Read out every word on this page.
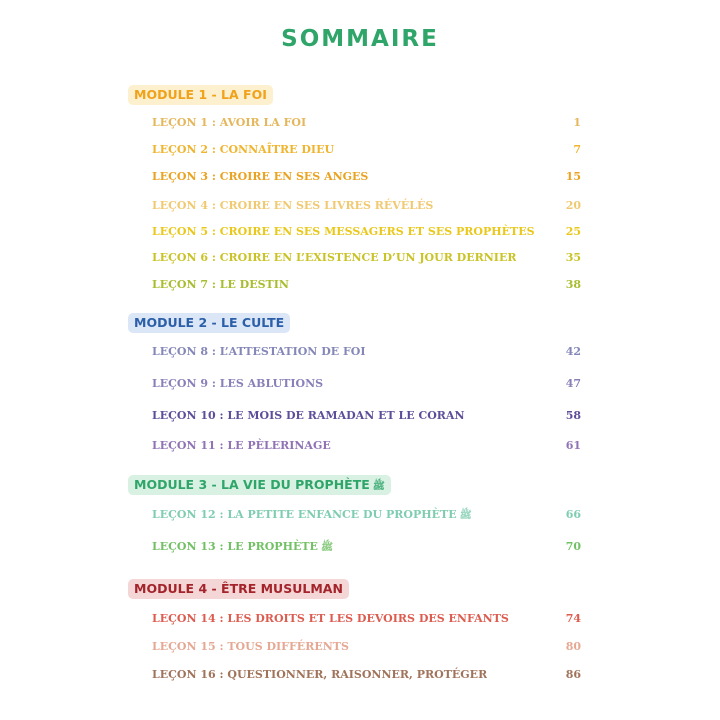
SOMMAIRE
MODULE 1 - LA FOI
LEÇON 1 : AVOIR LA FOI	1
LEÇON 2 : CONNAÎTRE DIEU	7
LEÇON 3 : CROIRE EN SES ANGES	15
LEÇON 4 : CROIRE EN SES LIVRES RÉVÉLÉS	20
LEÇON 5 : CROIRE EN SES MESSAGERS ET SES PROPHÈTES	25
LEÇON 6 : CROIRE EN L’EXISTENCE D’UN JOUR DERNIER	35
LEÇON 7 : LE DESTIN	38
MODULE 2 - LE CULTE
LEÇON 8 : L’ATTESTATION DE FOI	42
LEÇON 9 : LES ABLUTIONS	47
LEÇON 10 : LE MOIS DE RAMADAN ET LE CORAN	58
LEÇON 11 : LE PÈLERINAGE	61
MODULE 3 - LA VIE DU PROPHÈTE ﷺ
LEÇON 12 : LA PETITE ENFANCE DU PROPHÈTE ﷺ	66
LEÇON 13 : LE PROPHÈTE ﷺ	70
MODULE 4 - ÊTRE MUSULMAN
LEÇON 14 : LES DROITS ET LES DEVOIRS DES ENFANTS	74
LEÇON 15 : TOUS DIFFÉRENTS	80
LEÇON 16 : QUESTIONNER, RAISONNER, PROTÉGER	86
